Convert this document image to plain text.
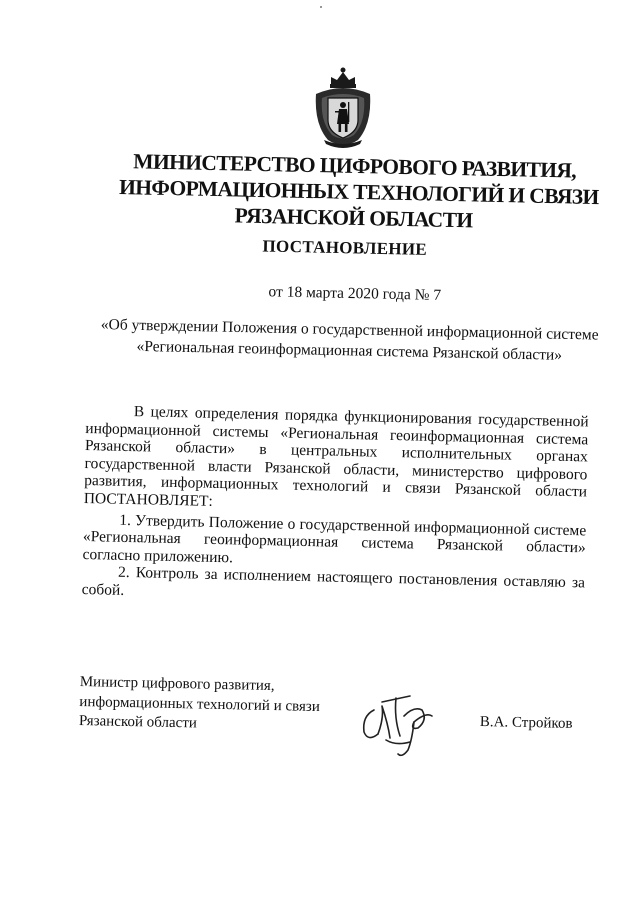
МИНИСТЕРСТВО ЦИФРОВОГО РАЗВИТИЯ,
ИНФОРМАЦИОННЫХ ТЕХНОЛОГИЙ И СВЯЗИ
РЯЗАНСКОЙ ОБЛАСТИ
ПОСТАНОВЛЕНИЕ
от 18 марта 2020 года № 7
«Об утверждении Положения о государственной информационной системе
«Региональная геоинформационная система Рязанской области»
В целях определения порядка функционирования государственной
информационной системы «Региональная геоинформационная система
Рязанской области» в центральных исполнительных органах
государственной власти Рязанской области, министерство цифрового
развития, информационных технологий и связи Рязанской области
ПОСТАНОВЛЯЕТ:
1. Утвердить Положение о государственной информационной системе
«Региональная геоинформационная система Рязанской области»
согласно приложению.
2. Контроль за исполнением настоящего постановления оставляю за
собой.
Министр цифрового развития,
информационных технологий и связи
Рязанской области	В.А. Стройков
